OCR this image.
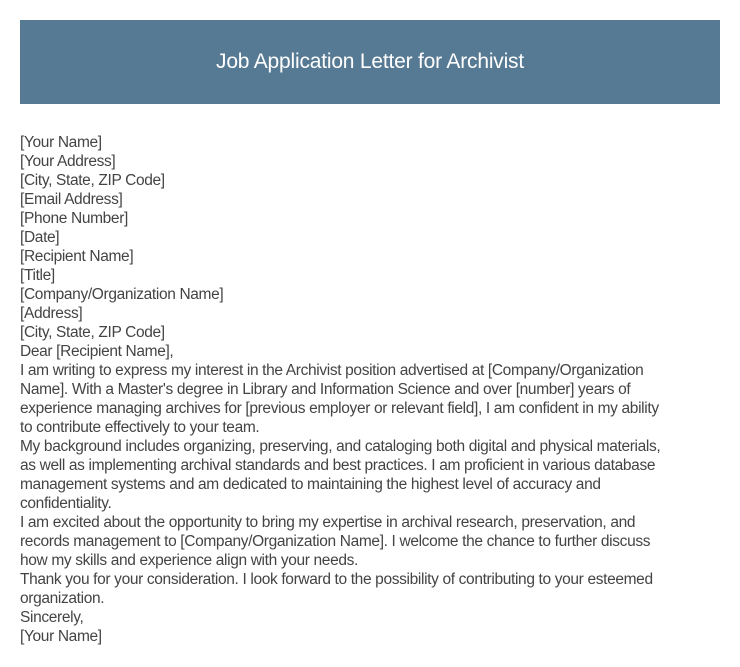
Job Application Letter for Archivist
[Your Name]
[Your Address]
[City, State, ZIP Code]
[Email Address]
[Phone Number]
[Date]
[Recipient Name]
[Title]
[Company/Organization Name]
[Address]
[City, State, ZIP Code]
Dear [Recipient Name],

I am writing to express my interest in the Archivist position advertised at [Company/Organization
Name]. With a Master's degree in Library and Information Science and over [number] years of
experience managing archives for [previous employer or relevant field], I am confident in my ability
to contribute effectively to your team.

My background includes organizing, preserving, and cataloging both digital and physical materials,
as well as implementing archival standards and best practices. I am proficient in various database
management systems and am dedicated to maintaining the highest level of accuracy and
confidentiality.

I am excited about the opportunity to bring my expertise in archival research, preservation, and
records management to [Company/Organization Name]. I welcome the chance to further discuss
how my skills and experience align with your needs.

Thank you for your consideration. I look forward to the possibility of contributing to your esteemed
organization.

Sincerely,
[Your Name]
